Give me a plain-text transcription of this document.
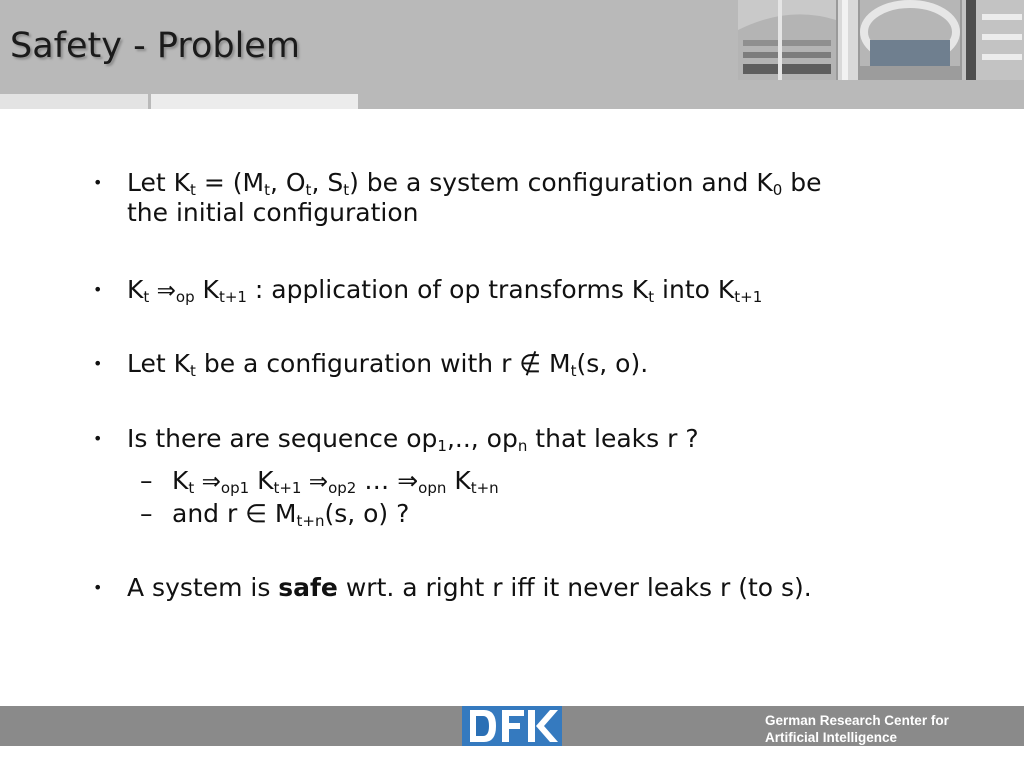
Safety - Problem
• Let $K_t = (M_t$, $O_t$, $S_t$) be a system configuration and $K_0$ be
the initial configuration
• $K_t$ $\Rightarrow_{op}$ $K_{t+1}$ : application of op transforms $K_t$ into $K_{t+1}$
• Let $K_t$ be a configuration with r ∉ $M_t(s$, o).
• Is there are sequence $op_1$,.., $op_n$ that leaks r ?
– $K_t$ $\Rightarrow_{op1}$ $K_{t+1}$ $\Rightarrow_{op2}$ … $\Rightarrow_{opn}$ $K_{t+n}$
– and r ∈ $M_{t+n}(s$, o) ?
• A system is safe wrt. a right r iff it never leaks r (to s).
German Research Center for
Artificial Intelligence
